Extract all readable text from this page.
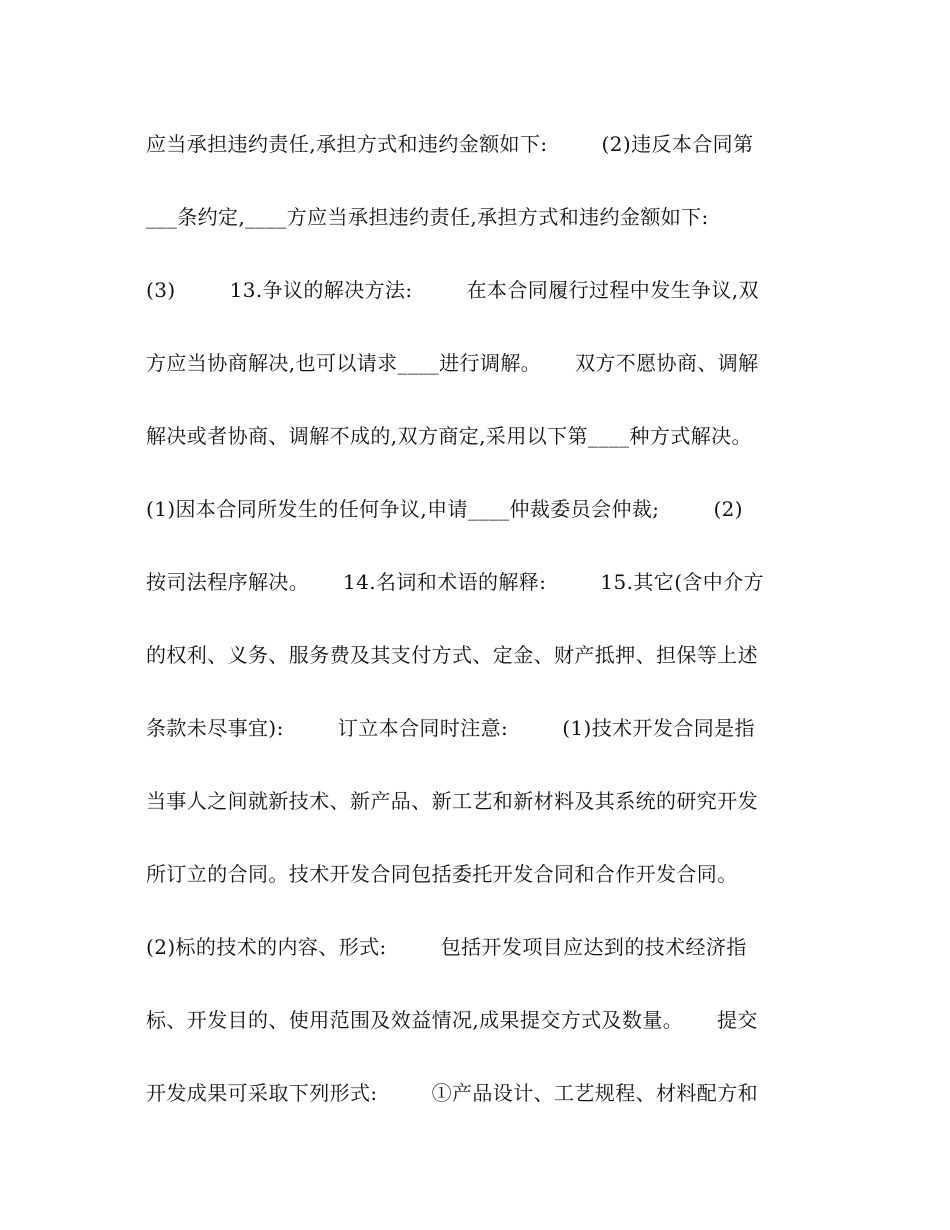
应当承担违约责任,承担方式和违约金额如下:        (2)违反本合同第
___条约定,____方应当承担违约责任,承担方式和违约金额如下:
(3)        13.争议的解决方法:        在本合同履行过程中发生争议,双
方应当协商解决,也可以请求____进行调解。     双方不愿协商、调解
解决或者协商、调解不成的,双方商定,采用以下第____种方式解决。
(1)因本合同所发生的任何争议,申请____仲裁委员会仲裁;        (2)
按司法程序解决。     14.名词和术语的解释:        15.其它(含中介方
的权利、义务、服务费及其支付方式、定金、财产抵押、担保等上述
条款未尽事宜):        订立本合同时注意:        (1)技术开发合同是指
当事人之间就新技术、新产品、新工艺和新材料及其系统的研究开发
所订立的合同。技术开发合同包括委托开发合同和合作开发合同。
(2)标的技术的内容、形式:        包括开发项目应达到的技术经济指
标、开发目的、使用范围及效益情况,成果提交方式及数量。     提交
开发成果可采取下列形式:        ①产品设计、工艺规程、材料配方和
